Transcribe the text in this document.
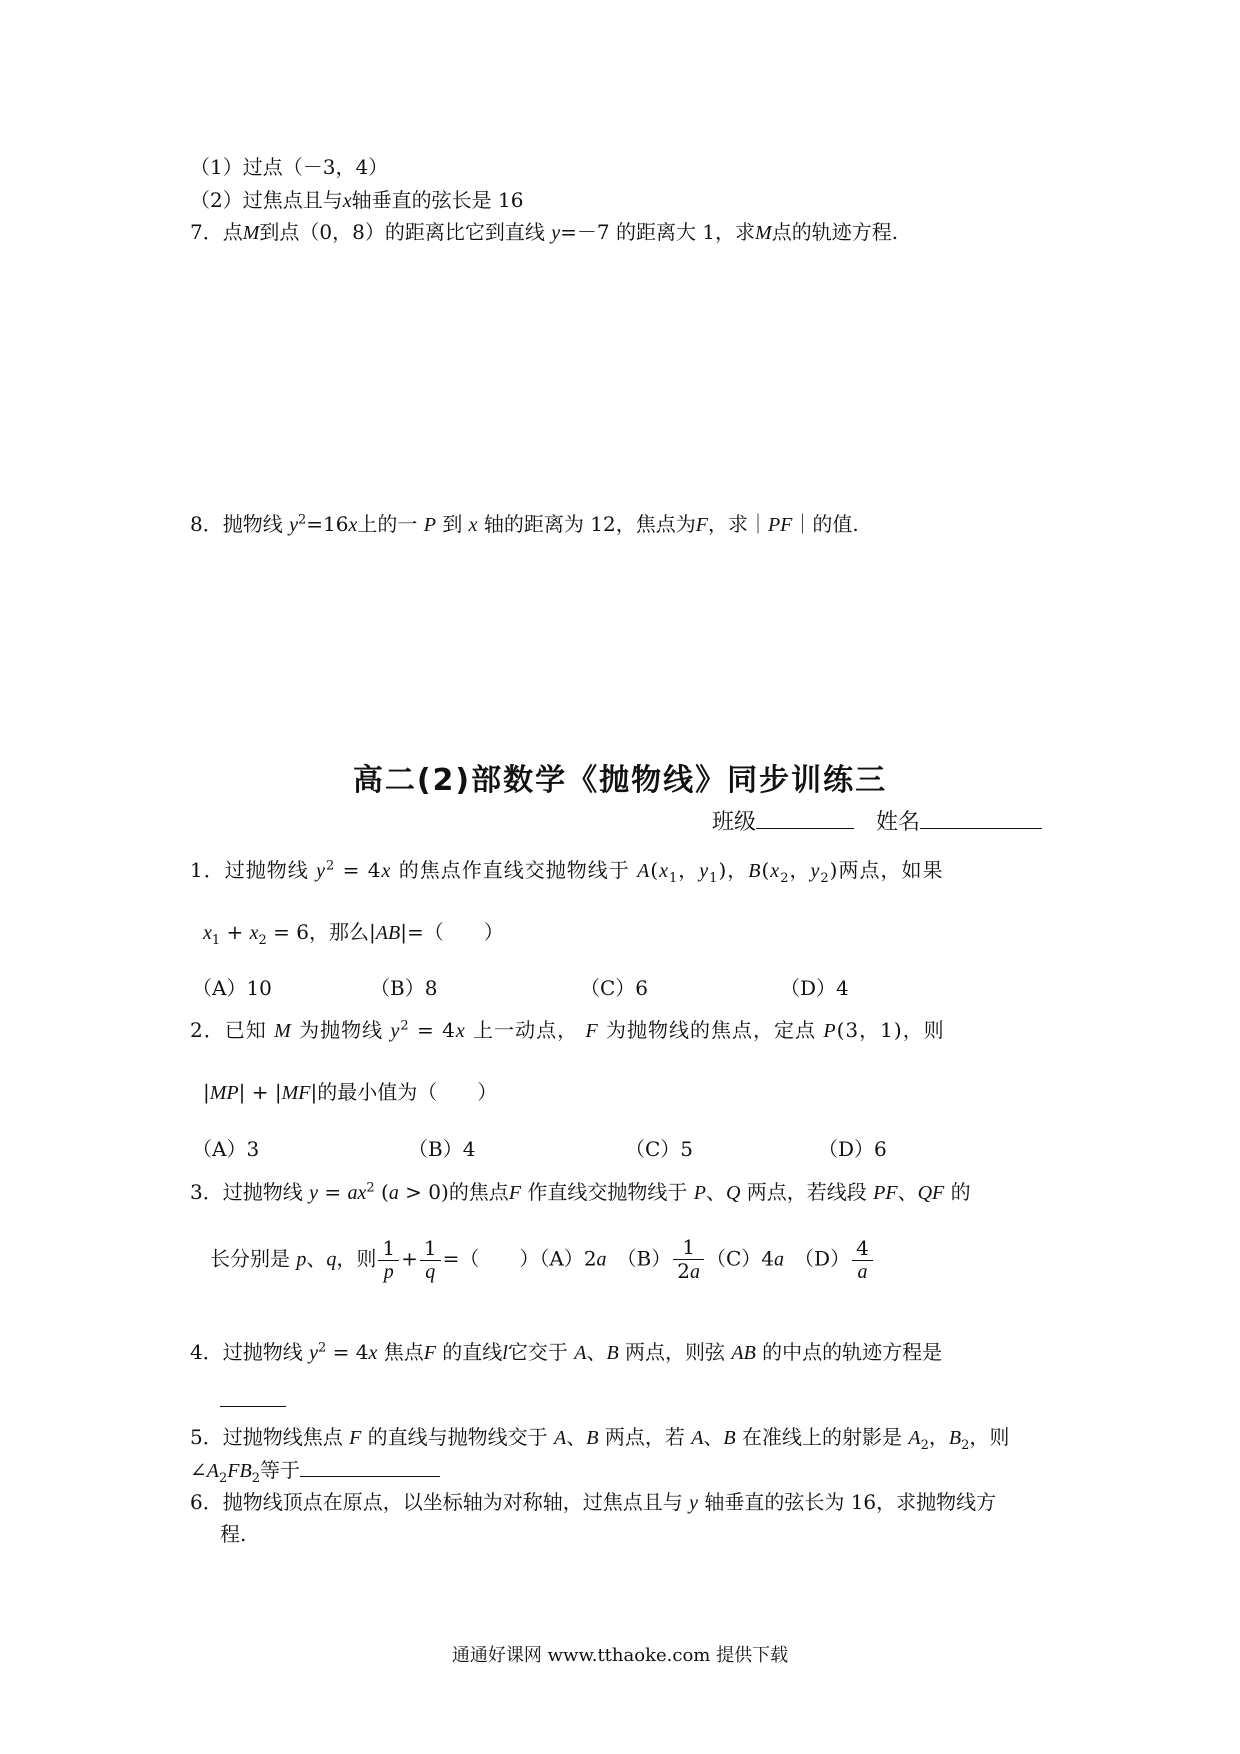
（1）过点（－3，4）
（2）过焦点且与x轴垂直的弦长是 16
7．点M到点（0，8）的距离比它到直线 y=－7 的距离大 1，求M点的轨迹方程.
8．抛物线 $y^2=16x$上的一 P 到 x 轴的距离为 12，焦点为F，求｜PF｜的值.
高二(2)部数学《抛物线》同步训练三
班级　	姓名
1．过抛物线 $y^2 = 4x$ 的焦点作直线交抛物线于 $A(x_1$，$y_1$)，$B(x_2$，$y_2$)两点，如果
$x_1 + x_2 = 6$，那么|AB|=（　　）
（A）10	（B）8	（C）6	（D）4
2．已知 M 为抛物线 $y^2 = 4x$ 上一动点， F 为抛物线的焦点，定点 P(3，1)，则
|MP| + |MF|的最小值为（　　）
（A）3	（B）4	（C）5	（D）6
3．过抛物线 $y = ax^2$ (a > 0)的焦点F 作直线交抛物线于 P、Q 两点，若线段 PF、QF 的
长分别是 p、q，则 $\frac{1}{p} + \frac{1}{q}$ =（　　）（A）2a　 $(B) \frac{1}{2a} (C)4a$　 $(D) \frac{4}{a}$
4．过抛物线 $y^2 = 4x$ 焦点F 的直线l它交于 A、B 两点，则弦 AB 的中点的轨迹方程是
5．过抛物线焦点 F 的直线与抛物线交于 A、B 两点，若 A、B 在准线上的射影是 $A_2$，$B_2$，则
$\angle A_2FB_2$等于
6．抛物线顶点在原点，以坐标轴为对称轴，过焦点且与 y 轴垂直的弦长为 16，求抛物线方
程.
通通好课网 www.tthaoke.com 提供下载
